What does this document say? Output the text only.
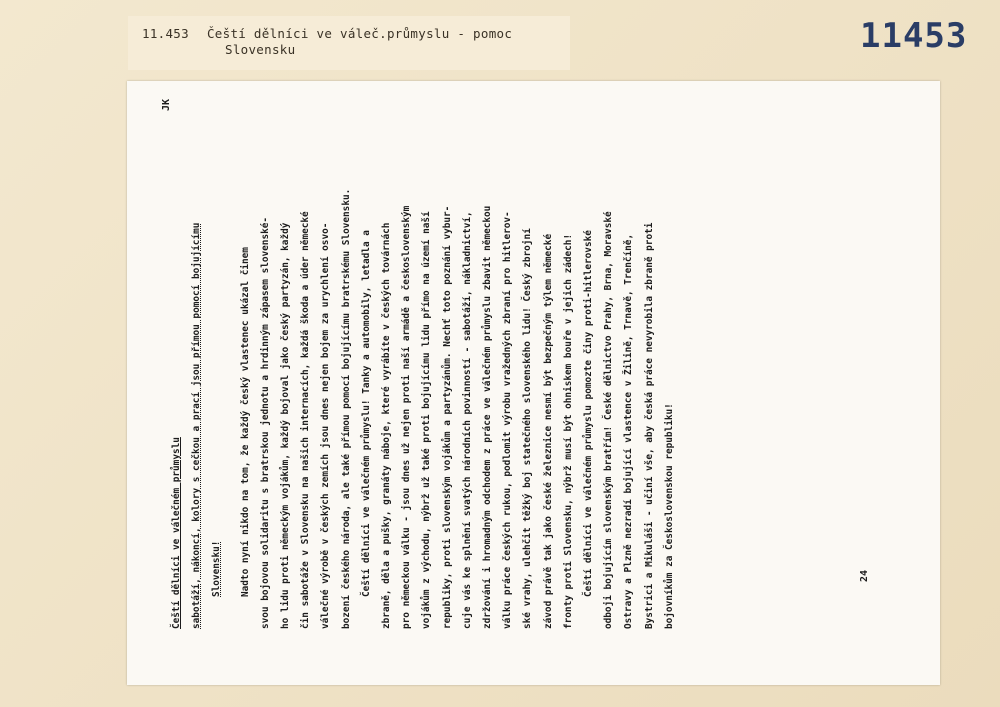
11.453 Čeští dělníci ve váleč.průmyslu - pomoc
Slovensku	11453
JK
Čeští dělníci ve válečném průmyslu sabotáží, nákoncí, kolory s cečkou a prací jsou přímou pomocí bojujícímu Slovensku!	Nadto nyní nikdo na tom, že každý český vlastenec ukázal činem svou bojovou solidaritu s bratrskou jednotu a hrdinným zápasem slovenské- ho lidu proti německým vojákům, každý bojoval jako český partyzán, každý čin sabotáže v Slovensku na našich internacích, každá škoda a úder německé válečné výrobě v českých zemích jsou dnes nejen bojem za urychlení osvo- bození českého národa, ale také přímou pomocí bojujícímu bratrskému Slovensku. Čeští dělníci ve válečném průmyslu! Tanky a automobily, letadla a zbraně, děla a pušky, granáty náboje, které vyrábíte v českých továrnách pro německou válku - jsou dnes už nejen proti naší armádě a československým vojákům z východu, nýbrž už také proti bojujícímu lidu přímo na území naší republiky, proti slovenským vojákům a partyzánům. Nechť toto poznání vybur- cuje vás ke splnění svatých národních povinností - sabotáží, nákladnictví, zdržování i hromadným odchodem z práce ve válečném průmyslu zbavit německou válku práce českých rukou, podlomit výrobu vražedných zbraní pro hitlerov- ské vrahy, ulehčit těžký boj statečného slovenského lidu! Český zbrojní závod právě tak jako české železnice nesmí být bezpečným týlem německé fronty proti Slovensku, nýbrž musí být ohniskem bouře v jejich zádech! Čeští dělníci ve válečném průmyslu pomozte činy proti-hitlerovské odboji bojujícím slovenským bratřím! České dělnictvo Prahy, Brna, Moravské Ostravy a Plzně nezradí bojující vlastence v Žilině, Trnavě, Trenčíně, Bystrici a Mikuláši - učiní vše, aby česká práce nevyrobila zbraně proti bojovníkům za Československou republiku!	24
